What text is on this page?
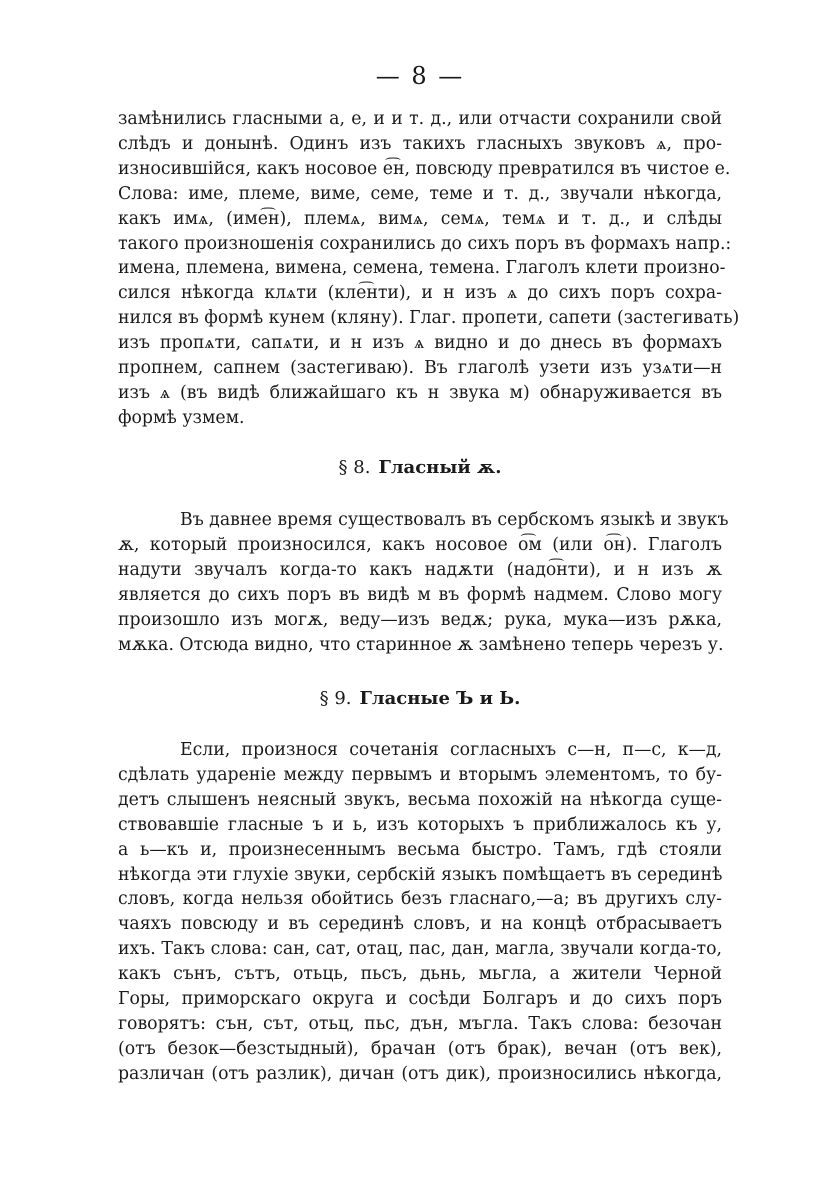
— 8 —
замѣнились гласными а, е, и и т. д., или отчасти сохранили свой
слѣдъ и донынѣ. Одинъ изъ такихъ гласныхъ звуковъ ѧ, про-
износившійся, какъ носовое е͡н, повсюду превратился въ чистое е.
Слова: име, племе, виме, семе, теме и т. д., звучали нѣкогда,
какъ имѧ, (име͡н), племѧ, вимѧ, семѧ, темѧ и т. д., и слѣды
такого произношенія сохранились до сихъ поръ въ формахъ напр.:
имена, племена, вимена, семена, темена. Глаголъ клети произно-
сился нѣкогда клѧти (кле͡нти), и н изъ ѧ до сихъ поръ сохра-
нился въ формѣ кунем (кляну). Глаг. пропети, сапети (застегивать)
изъ пропѧти, сапѧти, и н изъ ѧ видно и до днесь въ формахъ
пропнем, сапнем (застегиваю). Въ глаголѣ узети изъ узѧти—н
изъ ѧ (въ видѣ ближайшаго къ н звука м) обнаруживается въ
формѣ узмем.
§ 8. Гласный ѫ.
Въ давнее время существовалъ въ сербскомъ языкѣ и звукъ
ѫ, который произносился, какъ носовое о͡м (или о͡н). Глаголъ
надути звучалъ когда-то какъ надѫти (надо͡нти), и н изъ ѫ
является до сихъ поръ въ видѣ м въ формѣ надмем. Слово могу
произошло изъ могѫ, веду—изъ ведѫ; рука, мука—изъ рѫка,
мѫка. Отсюда видно, что старинное ѫ замѣнено теперь черезъ у.
§ 9. Гласные Ъ и Ь.
Если, произнося сочетанія согласныхъ с—н, п—с, к—д,
сдѣлать удареніе между первымъ и вторымъ элементомъ, то бу-
детъ слышенъ неясный звукъ, весьма похожій на нѣкогда суще-
ствовавшіе гласные ъ и ь, изъ которыхъ ъ приближалось къ у,
а ь—къ и, произнесеннымъ весьма быстро. Тамъ, гдѣ стояли
нѣкогда эти глухіе звуки, сербскій языкъ помѣщаетъ въ серединѣ
словъ, когда нельзя обойтись безъ гласнаго,—а; въ другихъ слу-
чаяхъ повсюду и въ серединѣ словъ, и на концѣ отбрасываетъ
ихъ. Такъ слова: сан, сат, отац, пас, дан, магла, звучали когда-то,
какъ сънъ, сътъ, отьць, пьсъ, дьнь, мьгла, а жители Черной
Горы, приморскаго округа и сосѣди Болгаръ и до сихъ поръ
говорятъ: сън, сът, отьц, пьс, дън, мъгла. Такъ слова: безочан
(отъ безок—безстыдный), брачан (отъ брак), вечан (отъ век),
различан (отъ разлик), дичан (отъ дик), произносились нѣкогда,
